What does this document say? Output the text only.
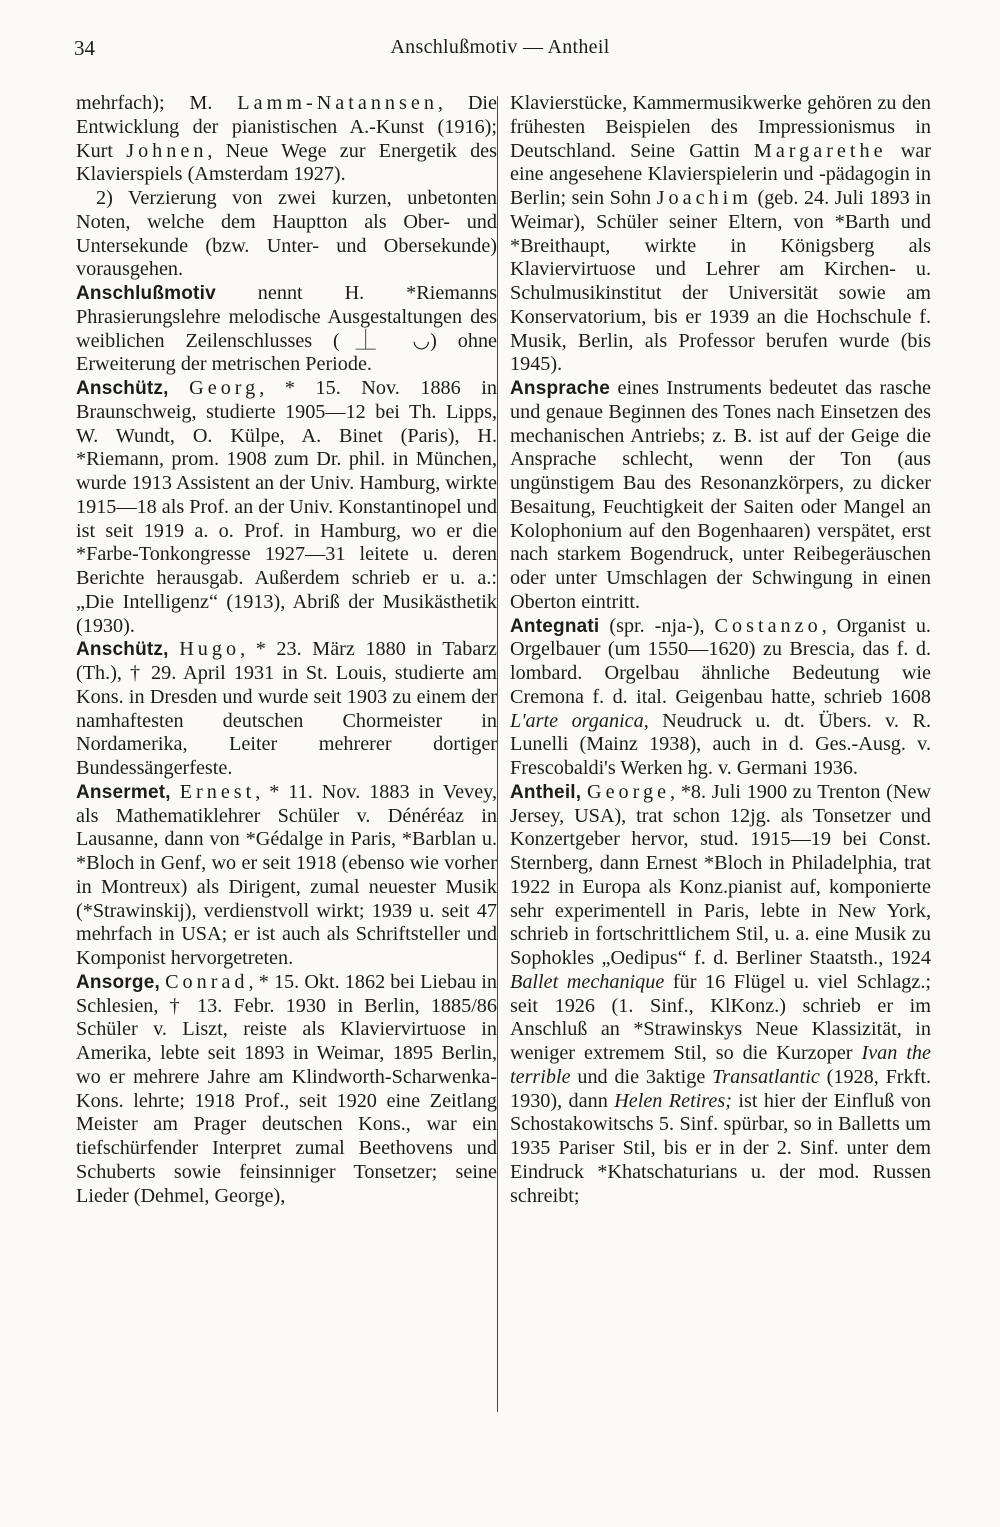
34	Anschlußmotiv — Antheil

mehrfach); M. Lamm-Natannsen, Die Entwicklung der pianistischen A.-Kunst (1916); Kurt Johnen, Neue Wege zur Energetik des Klavierspiels (Amsterdam 1927).

2) Verzierung von zwei kurzen, unbetonten Noten, welche dem Hauptton als Ober- und Untersekunde (bzw. Unter- und Obersekunde) vorausgehen.

Anschlußmotiv nennt H. *Riemanns Phrasierungslehre melodische Ausgestaltungen des weiblichen Zeilenschlusses (⏊ ◡) ohne Erweiterung der metrischen Periode.

Anschütz, Georg, * 15. Nov. 1886 in Braunschweig, studierte 1905—12 bei Th. Lipps, W. Wundt, O. Külpe, A. Binet (Paris), H. *Riemann, prom. 1908 zum Dr. phil. in München, wurde 1913 Assistent an der Univ. Hamburg, wirkte 1915—18 als Prof. an der Univ. Konstantinopel und ist seit 1919 a. o. Prof. in Hamburg, wo er die *Farbe-Tonkongresse 1927—31 leitete u. deren Berichte herausgab. Außerdem schrieb er u. a.: „Die Intelligenz“ (1913), Abriß der Musikästhetik (1930).

Anschütz, Hugo, * 23. März 1880 in Tabarz (Th.), † 29. April 1931 in St. Louis, studierte am Kons. in Dresden und wurde seit 1903 zu einem der namhaftesten deutschen Chormeister in Nordamerika, Leiter mehrerer dortiger Bundessängerfeste.

Ansermet, Ernest, * 11. Nov. 1883 in Vevey, als Mathematiklehrer Schüler v. Dénéréaz in Lausanne, dann von *Gédalge in Paris, *Barblan u. *Bloch in Genf, wo er seit 1918 (ebenso wie vorher in Montreux) als Dirigent, zumal neuester Musik (*Strawinskij), verdienstvoll wirkt; 1939 u. seit 47 mehrfach in USA; er ist auch als Schriftsteller und Komponist hervorgetreten.

Ansorge, Conrad, * 15. Okt. 1862 bei Liebau in Schlesien, † 13. Febr. 1930 in Berlin, 1885/86 Schüler v. Liszt, reiste als Klaviervirtuose in Amerika, lebte seit 1893 in Weimar, 1895 Berlin, wo er mehrere Jahre am Klindworth-Scharwenka-Kons. lehrte; 1918 Prof., seit 1920 eine Zeitlang Meister am Prager deutschen Kons., war ein tiefschürfender Interpret zumal Beethovens und Schuberts sowie feinsinniger Tonsetzer; seine Lieder (Dehmel, George),

Klavierstücke, Kammermusikwerke gehören zu den frühesten Beispielen des Impressionismus in Deutschland. Seine Gattin Margarethe war eine angesehene Klavierspielerin und -pädagogin in Berlin; sein Sohn Joachim (geb. 24. Juli 1893 in Weimar), Schüler seiner Eltern, von *Barth und *Breithaupt, wirkte in Königsberg als Klaviervirtuose und Lehrer am Kirchen- u. Schulmusikinstitut der Universität sowie am Konservatorium, bis er 1939 an die Hochschule f. Musik, Berlin, als Professor berufen wurde (bis 1945).

Ansprache eines Instruments bedeutet das rasche und genaue Beginnen des Tones nach Einsetzen des mechanischen Antriebs; z. B. ist auf der Geige die Ansprache schlecht, wenn der Ton (aus ungünstigem Bau des Resonanzkörpers, zu dicker Besaitung, Feuchtigkeit der Saiten oder Mangel an Kolophonium auf den Bogenhaaren) verspätet, erst nach starkem Bogendruck, unter Reibegeräuschen oder unter Umschlagen der Schwingung in einen Oberton eintritt.

Antegnati (spr. -nja-), Costanzo, Organist u. Orgelbauer (um 1550—1620) zu Brescia, das f. d. lombard. Orgelbau ähnliche Bedeutung wie Cremona f. d. ital. Geigenbau hatte, schrieb 1608 L'arte organica, Neudruck u. dt. Übers. v. R. Lunelli (Mainz 1938), auch in d. Ges.-Ausg. v. Frescobaldi's Werken hg. v. Germani 1936.

Antheil, George, *8. Juli 1900 zu Trenton (New Jersey, USA), trat schon 12jg. als Tonsetzer und Konzertgeber hervor, stud. 1915—19 bei Const. Sternberg, dann Ernest *Bloch in Philadelphia, trat 1922 in Europa als Konz.pianist auf, komponierte sehr experimentell in Paris, lebte in New York, schrieb in fortschrittlichem Stil, u. a. eine Musik zu Sophokles „Oedipus“ f. d. Berliner Staatsth., 1924 Ballet mechanique für 16 Flügel u. viel Schlagz.; seit 1926 (1. Sinf., KlKonz.) schrieb er im Anschluß an *Strawinskys Neue Klassizität, in weniger extremem Stil, so die Kurzoper Ivan the terrible und die 3aktige Transatlantic (1928, Frkft. 1930), dann Helen Retires; ist hier der Einfluß von Schostakowitschs 5. Sinf. spürbar, so in Balletts um 1935 Pariser Stil, bis er in der 2. Sinf. unter dem Eindruck *Khatschaturians u. der mod. Russen schreibt;
